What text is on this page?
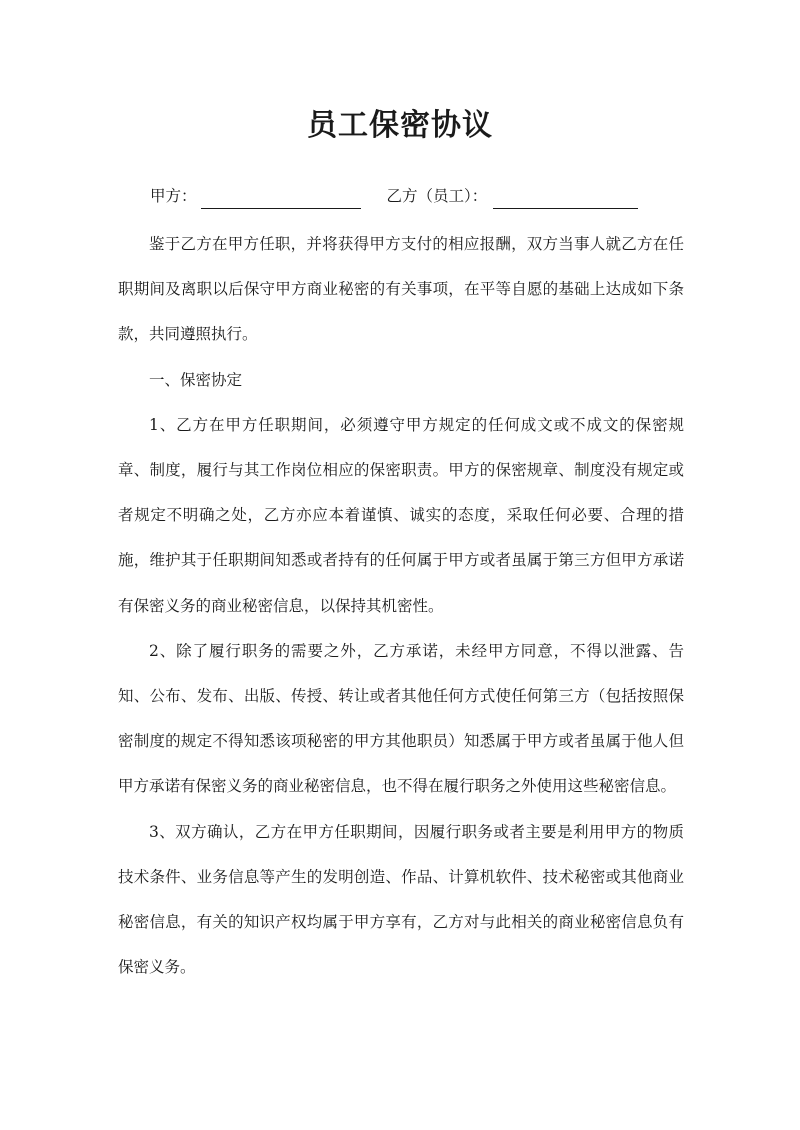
员工保密协议
甲方：	乙方（员工）：

鉴于乙方在甲方任职，并将获得甲方支付的相应报酬，双方当事人就乙方在任职期间及离职以后保守甲方商业秘密的有关事项，在平等自愿的基础上达成如下条款，共同遵照执行。

一、保密协定

1、乙方在甲方任职期间，必须遵守甲方规定的任何成文或不成文的保密规章、制度，履行与其工作岗位相应的保密职责。甲方的保密规章、制度没有规定或者规定不明确之处，乙方亦应本着谨慎、诚实的态度，采取任何必要、合理的措施，维护其于任职期间知悉或者持有的任何属于甲方或者虽属于第三方但甲方承诺有保密义务的商业秘密信息，以保持其机密性。

2、除了履行职务的需要之外，乙方承诺，未经甲方同意，不得以泄露、告知、公布、发布、出版、传授、转让或者其他任何方式使任何第三方（包括按照保密制度的规定不得知悉该项秘密的甲方其他职员）知悉属于甲方或者虽属于他人但甲方承诺有保密义务的商业秘密信息，也不得在履行职务之外使用这些秘密信息。

3、双方确认，乙方在甲方任职期间，因履行职务或者主要是利用甲方的物质技术条件、业务信息等产生的发明创造、作品、计算机软件、技术秘密或其他商业秘密信息，有关的知识产权均属于甲方享有，乙方对与此相关的商业秘密信息负有保密义务。
